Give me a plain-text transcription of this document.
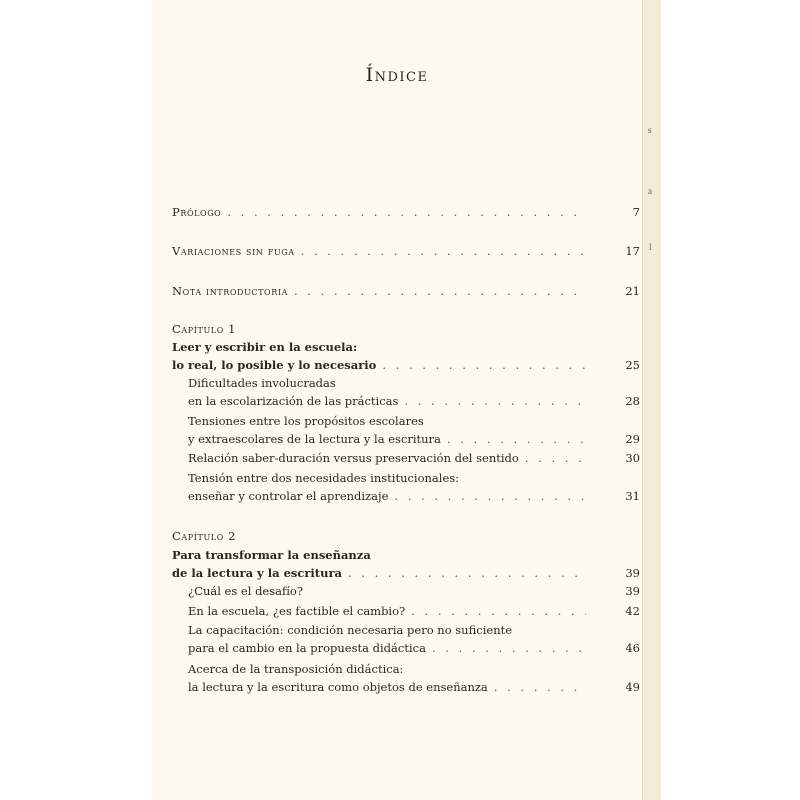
Índice
Prólogo . . .	7
Variaciones sin fuga . . .	17
Nota introductoria . . .	21
Capítulo 1
Leer y escribir en la escuela:
lo real, lo posible y lo necesario . . .	25
Dificultades involucradas
en la escolarización de las prácticas . . .	28
Tensiones entre los propósitos escolares
y extraescolares de la lectura y la escritura . . .	29
Relación saber-duración versus preservación del sentido . . .	30
Tensión entre dos necesidades institucionales:
enseñar y controlar el aprendizaje . . .	31
Capítulo 2
Para transformar la enseñanza
de la lectura y la escritura . . .	39
¿Cuál es el desafío?	39
En la escuela, ¿es factible el cambio? . . .	42
La capacitación: condición necesaria pero no suficiente
para el cambio en la propuesta didáctica . . .	46
Acerca de la transposición didáctica:
la lectura y la escritura como objetos de enseñanza . . .	49
s
l
a
